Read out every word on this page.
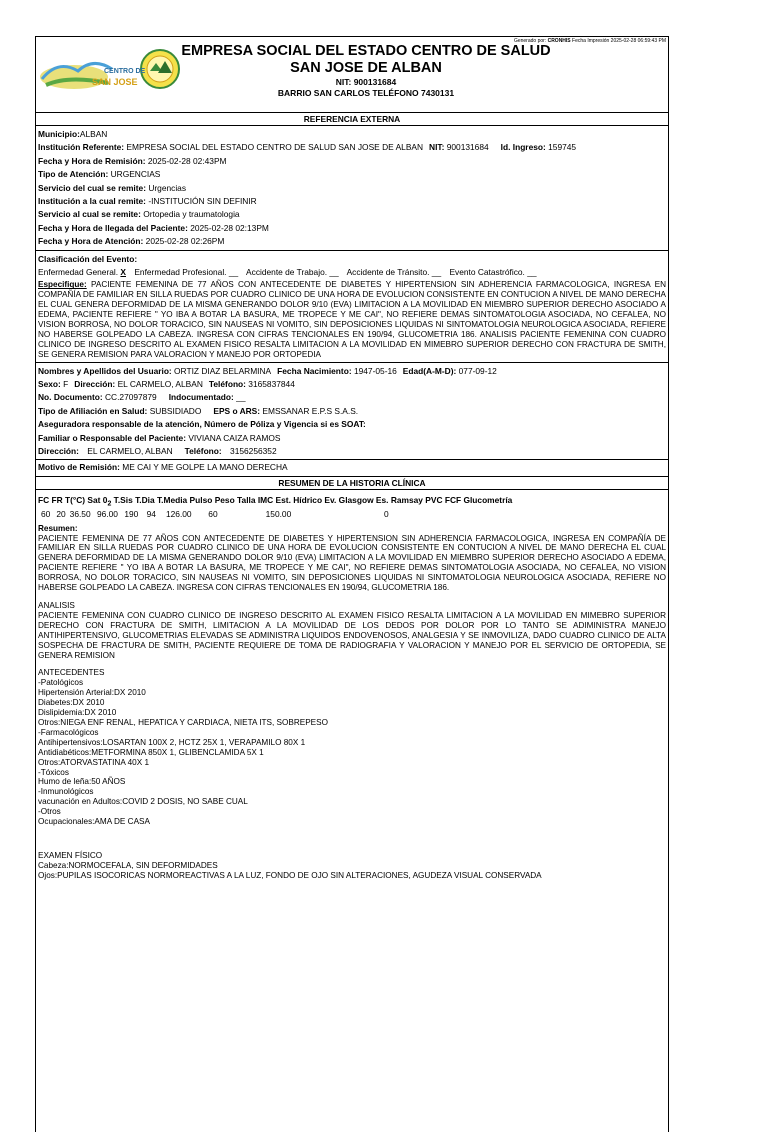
Generado por: CRONHIS Fecha Impresión 2025-02-28 06:59:43 PM
CENTRO DE
SAN JOSE
EMPRESA SOCIAL DEL ESTADO CENTRO DE SALUD
SAN JOSE DE ALBAN
NIT: 900131684
BARRIO SAN CARLOS TELÉFONO 7430131
REFERENCIA EXTERNA
Municipio:ALBAN
Institución Referente: EMPRESA SOCIAL DEL ESTADO CENTRO DE SALUD SAN JOSE DE ALBAN NIT: 900131684 Id. Ingreso: 159745
Fecha y Hora de Remisión: 2025-02-28 02:43PM
Tipo de Atención: URGENCIAS
Servicio del cual se remite: Urgencias
Institución a la cual remite: -INSTITUCIÓN SIN DEFINIR
Servicio al cual se remite: Ortopedia y traumatologia
Fecha y Hora de llegada del Paciente: 2025-02-28 02:13PM
Fecha y Hora de Atención: 2025-02-28 02:26PM
Clasificación del Evento:
Enfermedad General. X Enfermedad Profesional. __ Accidente de Trabajo. __ Accidente de Tránsito. __ Evento Catastrófico. __
Especifique: PACIENTE FEMENINA DE 77 AÑOS CON ANTECEDENTE DE DIABETES Y HIPERTENSION SIN ADHERENCIA FARMACOLOGICA, INGRESA EN COMPAÑÍA DE FAMILIAR EN SILLA RUEDAS POR CUADRO CLINICO DE UNA HORA DE EVOLUCION CONSISTENTE EN CONTUCION A NIVEL DE MANO DERECHA EL CUAL GENERA DEFORMIDAD DE LA MISMA GENERANDO DOLOR 9/10 (EVA) LIMITACION A LA MOVILIDAD EN MIEMBRO SUPERIOR DERECHO ASOCIADO A EDEMA, PACIENTE REFIERE " YO IBA A BOTAR LA BASURA, ME TROPECE Y ME CAI", NO REFIERE DEMAS SINTOMATOLOGIA ASOCIADA, NO CEFALEA, NO VISION BORROSA, NO DOLOR TORACICO, SIN NAUSEAS NI VOMITO, SIN DEPOSICIONES LIQUIDAS NI SINTOMATOLOGIA NEUROLOGICA ASOCIADA, REFIERE NO HABERSE GOLPEADO LA CABEZA. INGRESA CON CIFRAS TENCIONALES EN 190/94, GLUCOMETRIA 186. ANALISIS PACIENTE FEMENINA CON CUADRO CLINICO DE INGRESO DESCRITO AL EXAMEN FISICO RESALTA LIMITACION A LA MOVILIDAD EN MIMEBRO SUPERIOR DERECHO CON FRACTURA DE SMITH, SE GENERA REMISION PARA VALORACION Y MANEJO POR ORTOPEDIA
Nombres y Apellidos del Usuario: ORTIZ DIAZ BELARMINA Fecha Nacimiento: 1947-05-16 Edad(A-M-D): 077-09-12
Sexo: F Dirección: EL CARMELO, ALBAN Teléfono: 3165837844
No. Documento: CC.27097879 Indocumentado: __
Tipo de Afiliación en Salud: SUBSIDIADO EPS o ARS: EMSSANAR E.P.S S.A.S.
Aseguradora responsable de la atención, Número de Póliza y Vigencia si es SOAT:
Familiar o Responsable del Paciente: VIVIANA CAIZA RAMOS
Dirección: EL CARMELO, ALBAN Teléfono: 3156256352
Motivo de Remisión: ME CAI Y ME GOLPE LA MANO DERECHA
RESUMEN DE LA HISTORIA CLÍNICA
FC FR T(°C) Sat $0_2$ T.Sis T.Dia T.Media Pulso Peso Talla IMC Est. Hídrico Ev. Glasgow Es. Ramsay PVC FCF Glucometría
60 20 36.50 96.00 190 94 126.00 60	150.00	0
Resumen:
PACIENTE FEMENINA DE 77 AÑOS CON ANTECEDENTE DE DIABETES Y HIPERTENSION SIN ADHERENCIA FARMACOLOGICA, INGRESA EN COMPAÑÍA DE FAMILIAR EN SILLA RUEDAS POR CUADRO CLINICO DE UNA HORA DE EVOLUCION CONSISTENTE EN CONTUCION A NIVEL DE MANO DERECHA EL CUAL GENERA DEFORMIDAD DE LA MISMA GENERANDO DOLOR 9/10 (EVA) LIMITACION A LA MOVILIDAD EN MIEMBRO SUPERIOR DERECHO ASOCIADO A EDEMA, PACIENTE REFIERE " YO IBA A BOTAR LA BASURA, ME TROPECE Y ME CAI", NO REFIERE DEMAS SINTOMATOLOGIA ASOCIADA, NO CEFALEA, NO VISION BORROSA, NO DOLOR TORACICO, SIN NAUSEAS NI VOMITO, SIN DEPOSICIONES LIQUIDAS NI SINTOMATOLOGIA NEUROLOGICA ASOCIADA, REFIERE NO HABERSE GOLPEADO LA CABEZA. INGRESA CON CIFRAS TENCIONALES EN 190/94, GLUCOMETRIA 186.
ANALISIS
PACIENTE FEMENINA CON CUADRO CLINICO DE INGRESO DESCRITO AL EXAMEN FISICO RESALTA LIMITACION A LA MOVILIDAD EN MIMEBRO SUPERIOR DERECHO CON FRACTURA DE SMITH, LIMITACION A LA MOVILIDAD DE LOS DEDOS POR DOLOR POR LO TANTO SE ADIMINISTRA MANEJO ANTIHIPERTENSIVO, GLUCOMETRIAS ELEVADAS SE ADMINISTRA LIQUIDOS ENDOVENOSOS, ANALGESIA Y SE INMOVILIZA, DADO CUADRO CLINICO DE ALTA SOSPECHA DE FRACTURA DE SMITH, PACIENTE REQUIERE DE TOMA DE RADIOGRAFIA Y VALORACION Y MANEJO POR EL SERVICIO DE ORTOPEDIA, SE GENERA REMISION
ANTECEDENTES
-Patológicos
Hipertensión Arterial:DX 2010
Diabetes:DX 2010
Dislipidemia:DX 2010
Otros:NIEGA ENF RENAL, HEPATICA Y CARDIACA, NIETA ITS, SOBREPESO
-Farmacológicos
Antihipertensivos:LOSARTAN 100X 2, HCTZ 25X 1, VERAPAMILO 80X 1
Antidiabéticos:METFORMINA 850X 1, GLIBENCLAMIDA 5X 1
Otros:ATORVASTATINA 40X 1
-Tóxicos
Humo de leña:50 AÑOS
-Inmunológicos
vacunación en Adultos:COVID 2 DOSIS, NO SABE CUAL
-Otros
Ocupacionales:AMA DE CASA
EXAMEN FÍSICO
Cabeza:NORMOCEFALA, SIN DEFORMIDADES
Ojos:PUPILAS ISOCORICAS NORMOREACTIVAS A LA LUZ, FONDO DE OJO SIN ALTERACIONES, AGUDEZA VISUAL CONSERVADA
